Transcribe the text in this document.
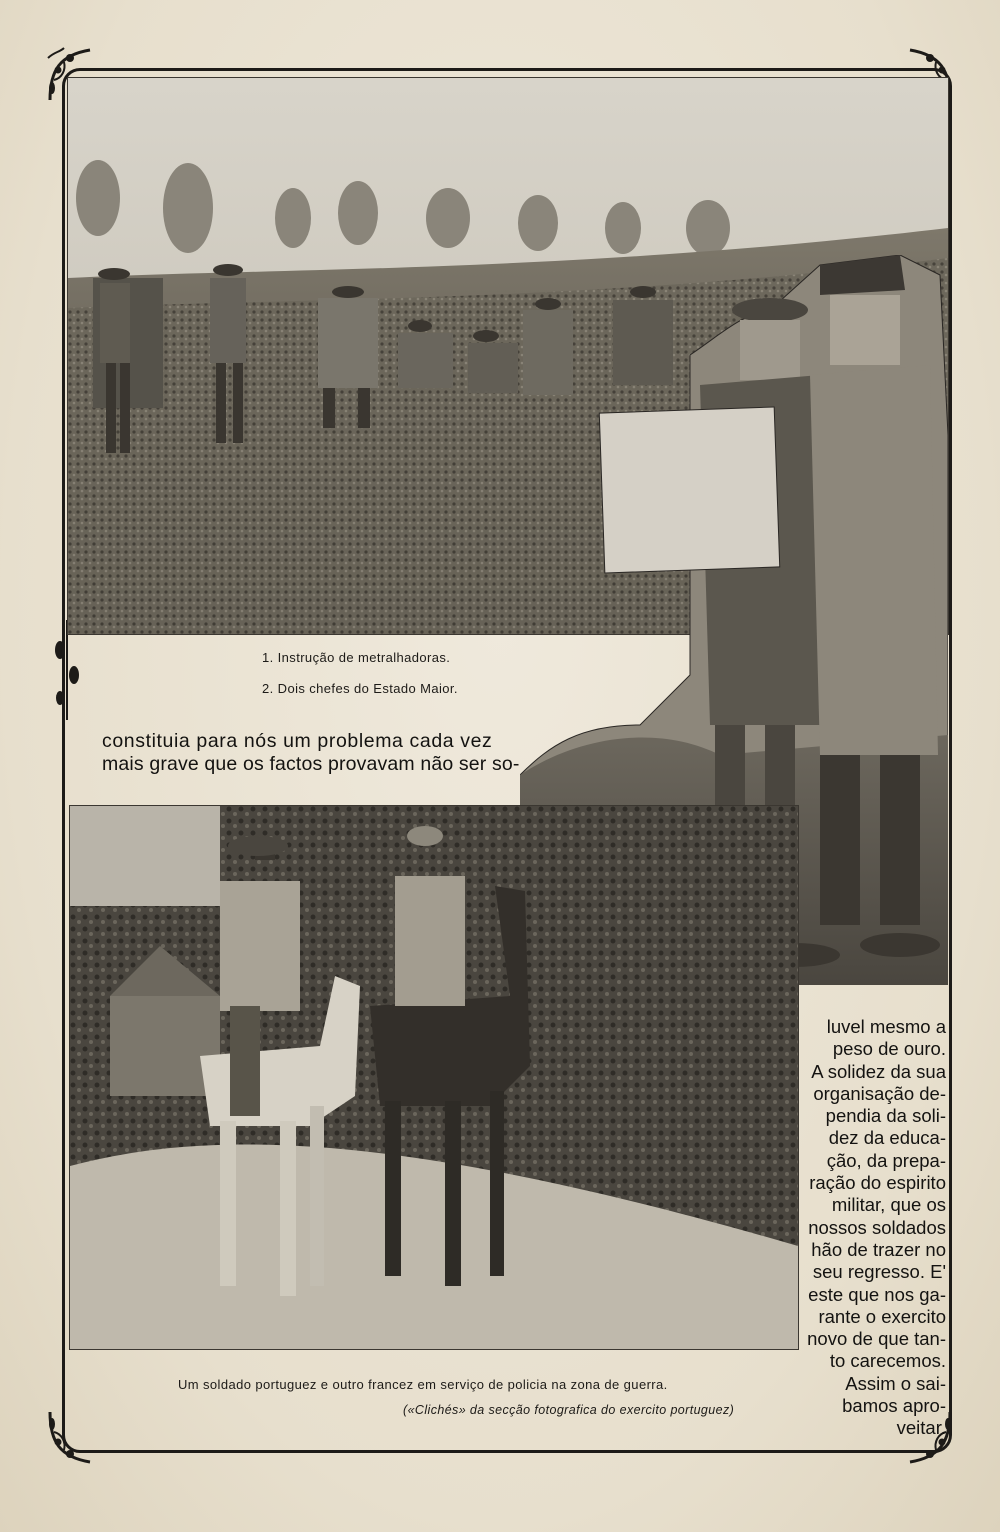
1. Instrução de metralhadoras.
2. Dois chefes do Estado Maior.
Um soldado portuguez e outro francez em serviço de policia na zona de guerra.
(«Clichés» da secção fotografica do exercito portuguez)
constituia para nós um problema cada vez
mais grave que os factos provavam não ser so-
luvel mesmo a
peso de ouro.
A solidez da sua
organisação de-
pendia da soli-
dez da educa-
ção, da prepa-
ração do espirito
militar, que os
nossos soldados
hão de trazer no
seu regresso. E'
este que nos ga-
rante o exercito
novo de que tan-
to carecemos.
Assim o sai-
bamos apro-
veitar.
